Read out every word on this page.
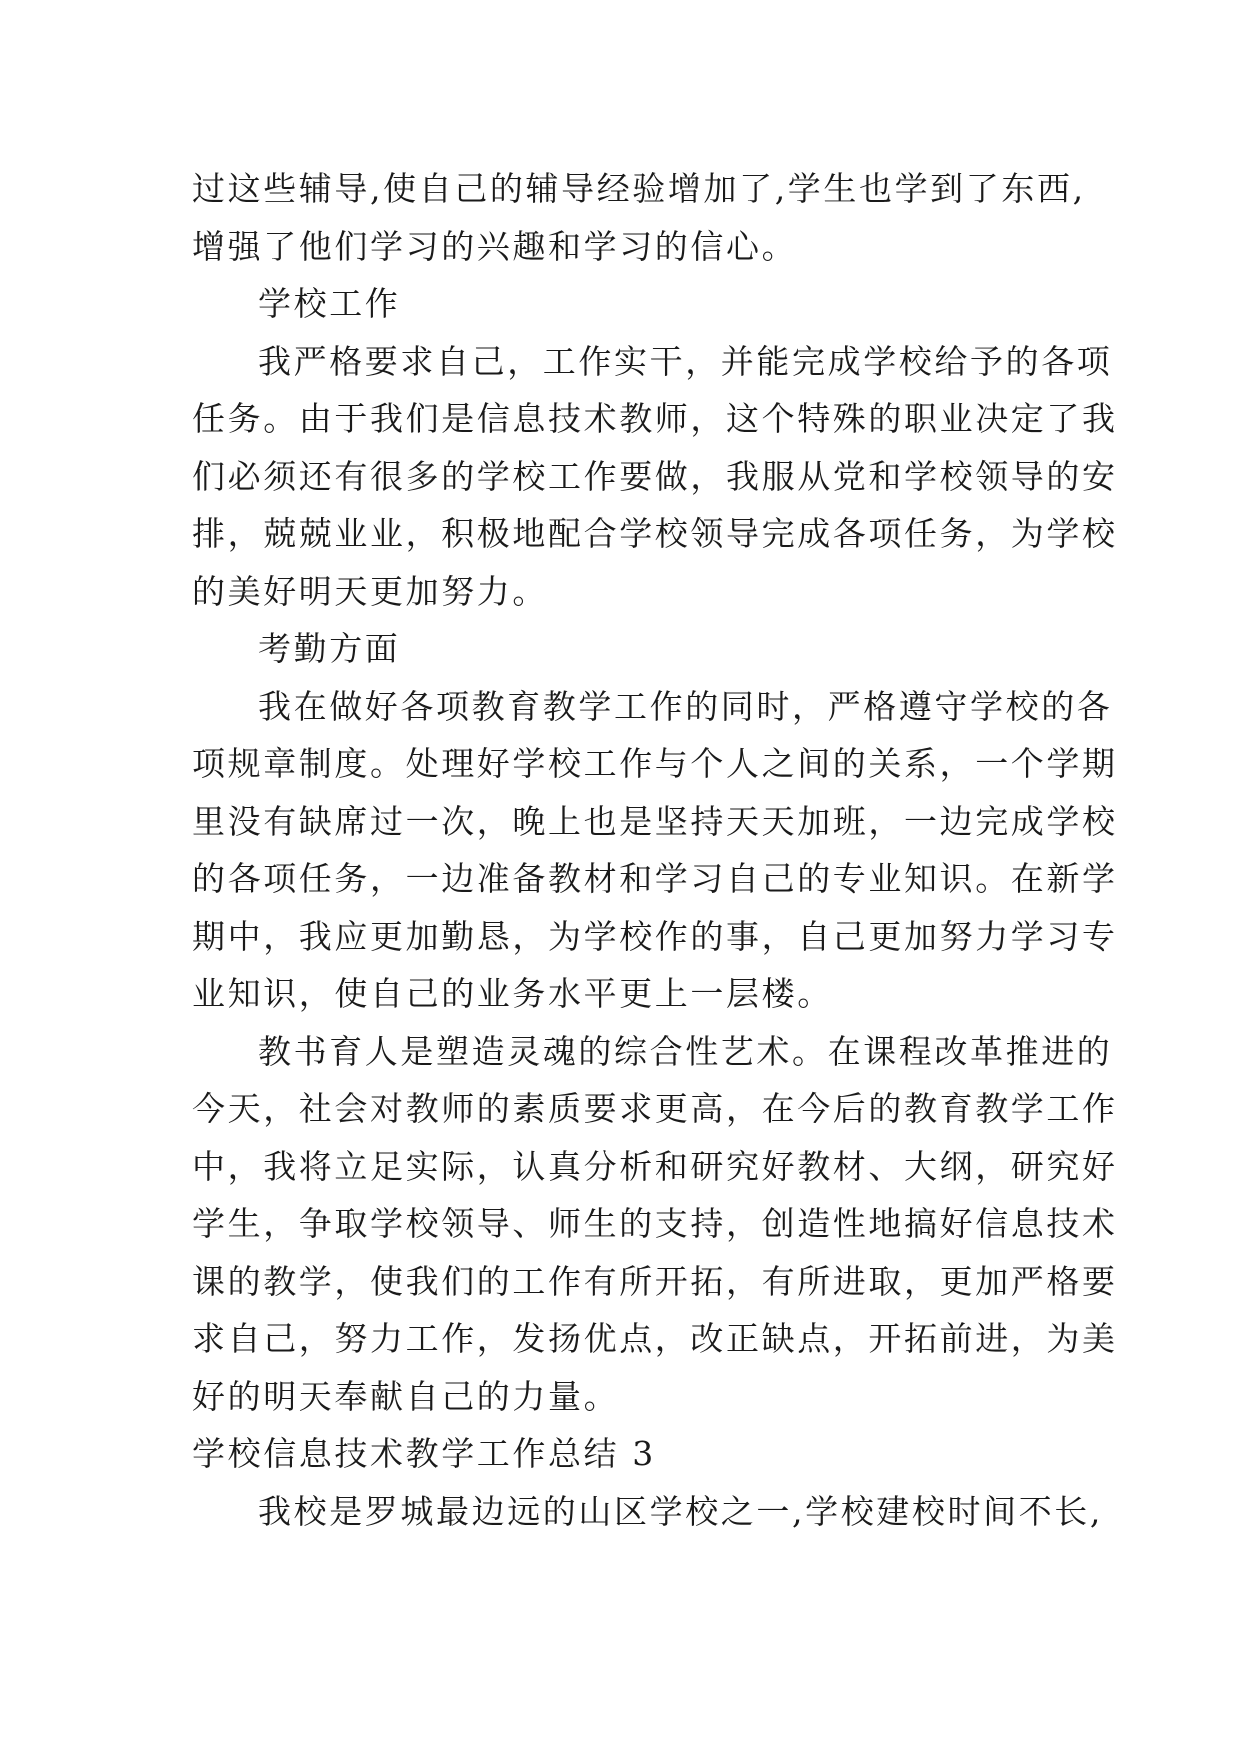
过这些辅导,使自己的辅导经验增加了,学生也学到了东西,
增强了他们学习的兴趣和学习的信心。
学校工作
我严格要求自己，工作实干，并能完成学校给予的各项
任务。由于我们是信息技术教师，这个特殊的职业决定了我
们必须还有很多的学校工作要做，我服从党和学校领导的安
排，兢兢业业，积极地配合学校领导完成各项任务，为学校
的美好明天更加努力。
考勤方面
我在做好各项教育教学工作的同时，严格遵守学校的各
项规章制度。处理好学校工作与个人之间的关系，一个学期
里没有缺席过一次，晚上也是坚持天天加班，一边完成学校
的各项任务，一边准备教材和学习自己的专业知识。在新学
期中，我应更加勤恳，为学校作的事，自己更加努力学习专
业知识，使自己的业务水平更上一层楼。
教书育人是塑造灵魂的综合性艺术。在课程改革推进的
今天，社会对教师的素质要求更高，在今后的教育教学工作
中，我将立足实际，认真分析和研究好教材、大纲，研究好
学生，争取学校领导、师生的支持，创造性地搞好信息技术
课的教学，使我们的工作有所开拓，有所进取，更加严格要
求自己，努力工作，发扬优点，改正缺点，开拓前进，为美
好的明天奉献自己的力量。
学校信息技术教学工作总结 3
我校是罗城最边远的山区学校之一,学校建校时间不长,
